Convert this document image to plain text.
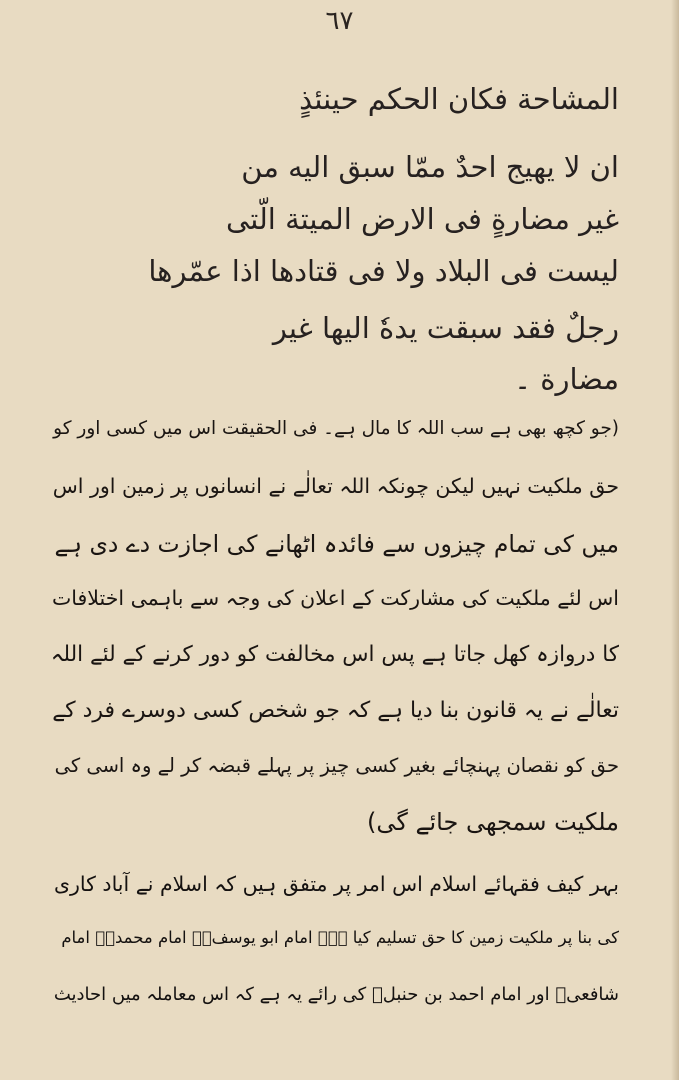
٦٧

المشاحة فكان الحكم حينئذٍ

ان لا يهيج احدٌ ممّا سبق اليه من

غير مضارةٍ فی الارض الميتة الّتی

ليست فی البلاد ولا فی قتادها اذا عمّرها

رجلٌ فقد سبقت يدهٗ اليها غير

مضارة ۔

(جو کچھ بھی ہے سب اللہ کا مال ہے۔ فی الحقیقت اس میں کسی اور کو

حق ملکیت نہیں لیکن چونکہ اللہ تعالٰے نے انسانوں پر زمین اور اس

میں کی تمام چیزوں سے فائدہ اٹھانے کی اجازت دے دی ہے

اس لئے ملکیت کی مشارکت کے اعلان کی وجہ سے باہمی اختلافات

کا دروازہ کھل جاتا ہے پس اس مخالفت کو دور کرنے کے لئے اللہ

تعالٰے نے یہ قانون بنا دیا ہے کہ جو شخص کسی دوسرے فرد کے

حق کو نقصان پہنچائے بغیر کسی چیز پر پہلے قبضہ کر لے وہ اسی کی

ملکیت سمجھی جائے گی)

بہر کیف فقہائے اسلام اس امر پر متفق ہیں کہ اسلام نے آباد کاری

کی بنا پر ملکیت زمین کا حق تسلیم کیا ہے۔ امام ابو یوسفؒ۔ امام محمدؒ۔ امام

شافعیؒ اور امام احمد بن حنبلؒ کی رائے یہ ہے کہ اس معاملہ میں احادیث
